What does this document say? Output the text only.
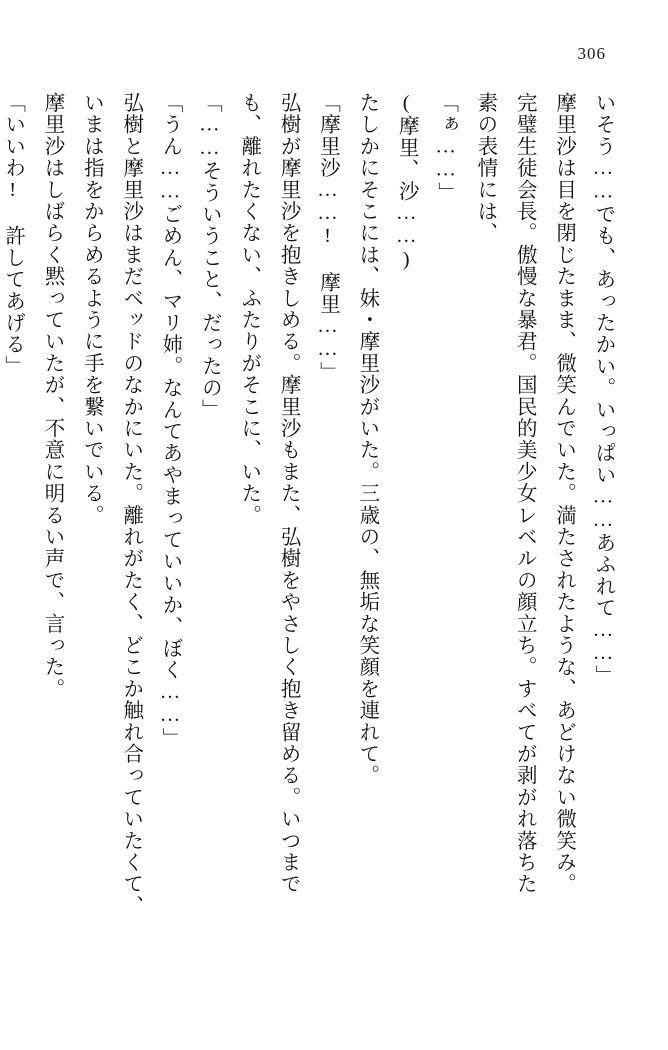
306

いそう……でも、あったかい。いっぱい……あふれて……」

摩里沙は目を閉じたまま、微笑んでいた。満たされたような、あどけない微笑み。

完璧生徒会長。傲慢な暴君。国民的美少女レベルの顔立ち。すべてが剥がれ落ちた

素の表情には、

「ぁ……」

(摩里、沙……)

たしかにそこには、妹・摩里沙がいた。三歳の、無垢な笑顔を連れて。

「摩里沙……! 摩里……」

弘樹が摩里沙を抱きしめる。摩里沙もまた、弘樹をやさしく抱き留める。いつまで

も、離れたくない、ふたりがそこに、いた。

「……そういうこと、だったの」

「うん……ごめん、マリ姉。なんてあやまっていいか、ぼく……」

弘樹と摩里沙はまだベッドのなかにいた。離れがたく、どこか触れ合っていたくて、

いまは指をからめるように手を繋いでいる。

摩里沙はしばらく黙っていたが、不意に明るい声で、言った。

「いいわ! 許してあげる」
